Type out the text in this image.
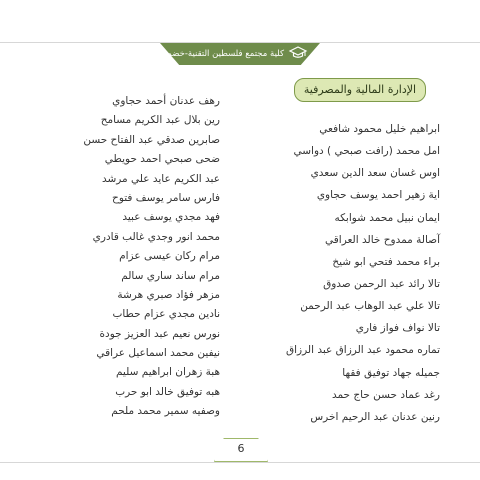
كلية مجتمع فلسطين التقنية-خضوري
الإدارة المالية والمصرفية
رهف عدنان أحمد حجاوي
رين بلال عبد الكريم مسامح
صابرين صدقي عبد الفتاح حسن
ضحى صبحي احمد حويطي
عبد الكريم عايد علي مرشد
فارس سامر يوسف فتوح
فهد مجدي يوسف عبيد
محمد انور وجدي غالب قادري
مرام ركان عيسى عزام
مرام ساند ساري سالم
مزهر فؤاد صبري هرشة
نادين مجدي عزام حطاب
نورس نعيم عبد العزيز جودة
نيفين محمد اسماعيل عراقي
هبة زهران ابراهيم سليم
هبه توفيق خالد ابو حرب
وصفيه سمير محمد ملحم
ابراهيم خليل محمود شافعي
امل محمد (رافت صبحي ) دواسي
اوس غسان سعد الدين سعدي
اية زهير احمد يوسف حجاوي
ايمان نبيل محمد شوابكه
آصالة ممدوح خالد العراقي
براء محمد فتحي ابو شيخ
تالا رائد عبد الرحمن صدوق
تالا علي عبد الوهاب عبد الرحمن
تالا نواف فواز فاري
تماره محمود عبد الرزاق عبد الرزاق
جميله جهاد توفيق فقها
رغد عماد حسن حاج حمد
رنين عدنان عبد الرحيم اخرس
6
